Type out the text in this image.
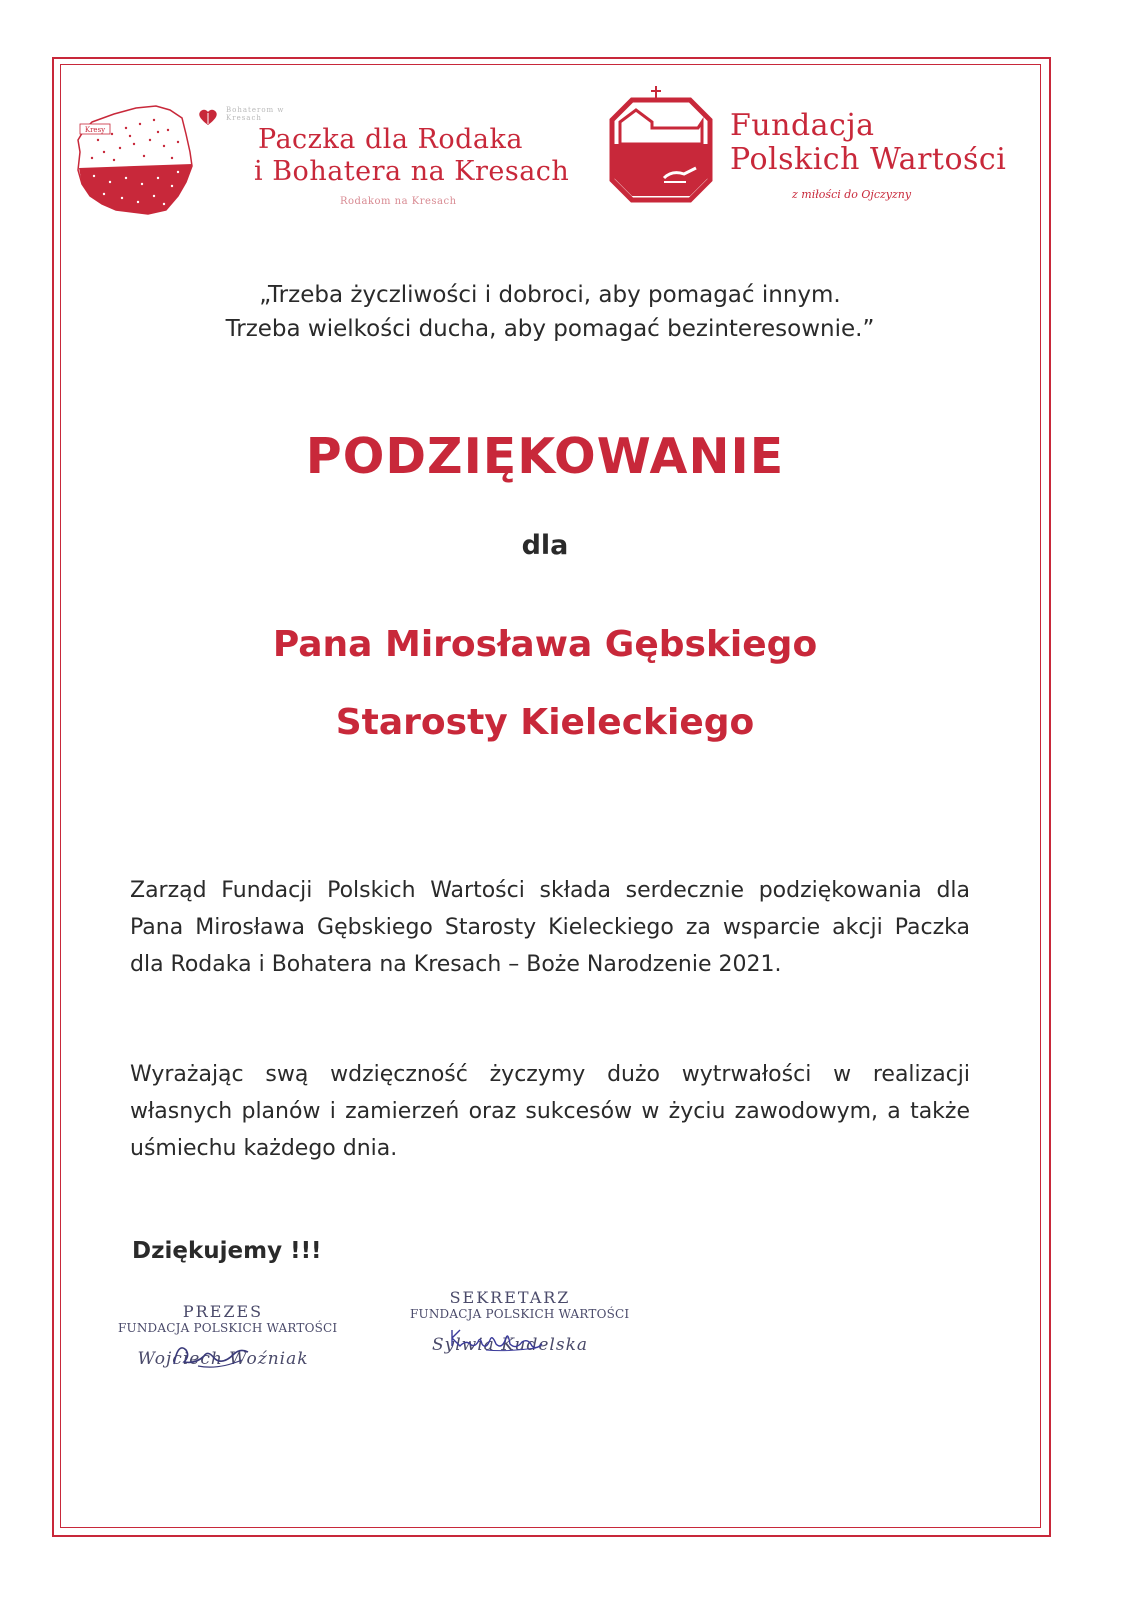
Kresy
Bohaterom w Kresach
Paczka dla Rodaka
i Bohatera na Kresach
Rodakom na Kresach
Fundacja
Polskich Wartości
z miłości do Ojczyzny
„Trzeba życzliwości i dobroci, aby pomagać innym.
Trzeba wielkości ducha, aby pomagać bezinteresownie.”
PODZIĘKOWANIE
dla
Pana Mirosława Gębskiego
Starosty Kieleckiego
Zarząd Fundacji Polskich Wartości składa serdecznie podziękowania dla Pana Mirosława Gębskiego Starosty Kieleckiego za wsparcie akcji Paczka dla Rodaka i Bohatera na Kresach – Boże Narodzenie 2021.
Wyrażając swą wdzięczność życzymy dużo wytrwałości w realizacji własnych planów i zamierzeń oraz sukcesów w życiu zawodowym, a także uśmiechu każdego dnia.
Dziękujemy !!!
PREZES
FUNDACJA POLSKICH WARTOŚCI
Wojciech Woźniak
SEKRETARZ
FUNDACJA POLSKICH WARTOŚCI
Sylwia Kudelska
